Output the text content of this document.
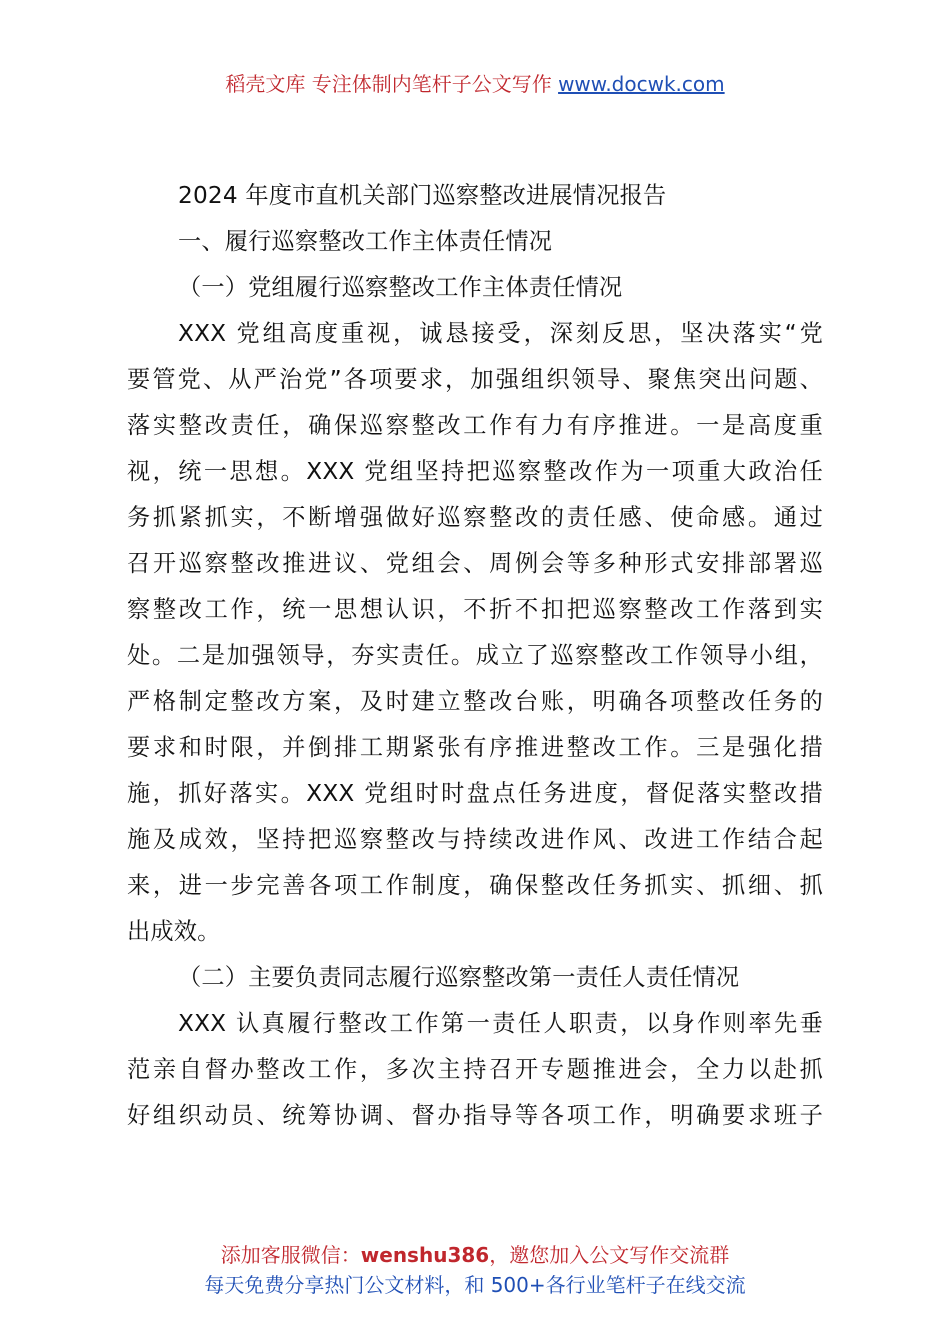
稻壳文库 专注体制内笔杆子公文写作 www.docwk.com
2024 年度市直机关部门巡察整改进展情况报告
一、履行巡察整改工作主体责任情况
（一）党组履行巡察整改工作主体责任情况
XXX 党组高度重视，诚恳接受，深刻反思，坚决落实“党
要管党、从严治党”各项要求，加强组织领导、聚焦突出问题、
落实整改责任，确保巡察整改工作有力有序推进。一是高度重
视，统一思想。XXX 党组坚持把巡察整改作为一项重大政治任
务抓紧抓实，不断增强做好巡察整改的责任感、使命感。通过
召开巡察整改推进议、党组会、周例会等多种形式安排部署巡
察整改工作，统一思想认识，不折不扣把巡察整改工作落到实
处。二是加强领导，夯实责任。成立了巡察整改工作领导小组，
严格制定整改方案，及时建立整改台账，明确各项整改任务的
要求和时限，并倒排工期紧张有序推进整改工作。三是强化措
施，抓好落实。XXX 党组时时盘点任务进度，督促落实整改措
施及成效，坚持把巡察整改与持续改进作风、改进工作结合起
来，进一步完善各项工作制度，确保整改任务抓实、抓细、抓
出成效。
（二）主要负责同志履行巡察整改第一责任人责任情况
XXX 认真履行整改工作第一责任人职责，以身作则率先垂
范亲自督办整改工作，多次主持召开专题推进会，全力以赴抓
好组织动员、统筹协调、督办指导等各项工作，明确要求班子
添加客服微信：wenshu386，邀您加入公文写作交流群
每天免费分享热门公文材料，和 500+各行业笔杆子在线交流
